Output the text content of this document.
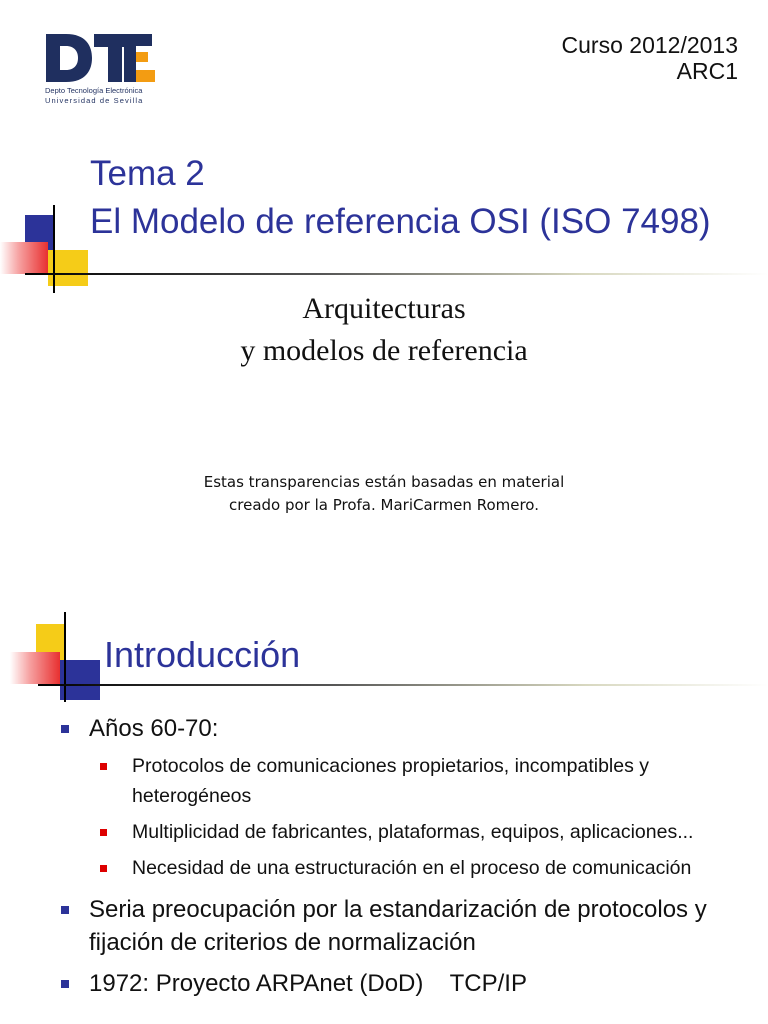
Depto Tecnología Electrónica
Universidad de Sevilla
Curso 2012/2013
ARC1
Tema 2
El Modelo de referencia OSI (ISO 7498)
Arquitecturas
y modelos de referencia
Estas transparencias están basadas en material
creado por la Profa. MariCarmen Romero.
Introducción
Años 60-70:
Protocolos de comunicaciones propietarios, incompatibles y heterogéneos
Multiplicidad de fabricantes, plataformas, equipos, aplicaciones...
Necesidad de una estructuración en el proceso de comunicación
Seria preocupación por la estandarización de protocolos y fijación de criterios de normalización
1972: Proyecto ARPAnet (DoD)    TCP/IP
